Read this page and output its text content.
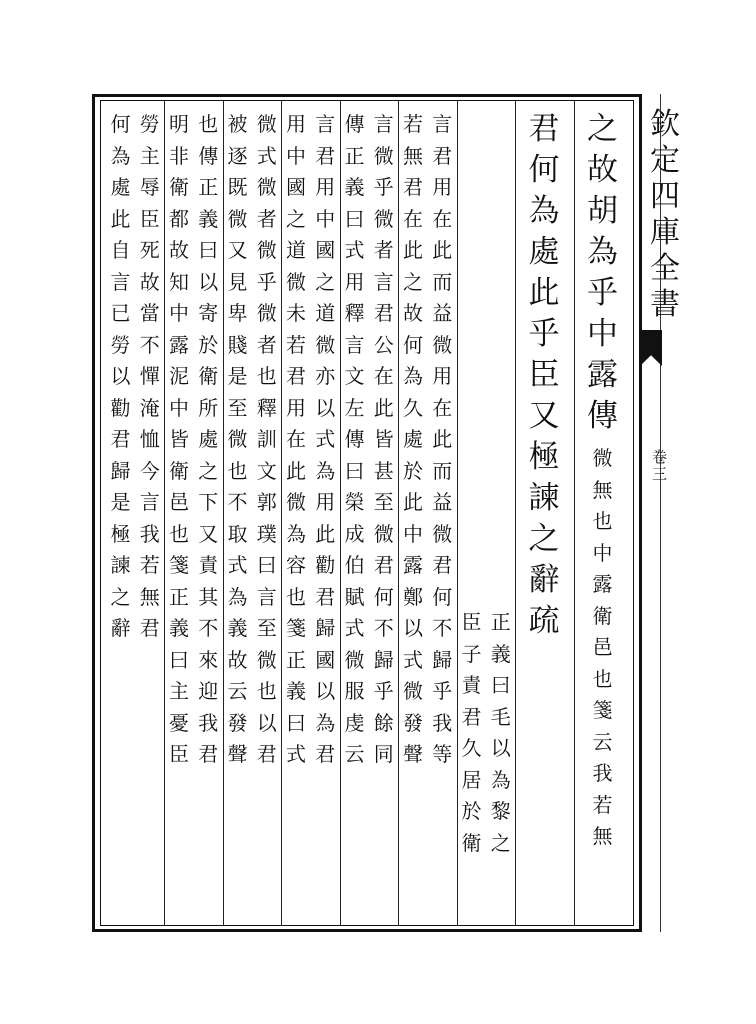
欽
定
四
庫
全
書
卷
三
之
故
胡
為
乎
中
露
傳
微
無
也
中
露
衛
邑
也
箋
云
我
若
無
君
何
為
處
此
乎
臣
又
極
諫
之
辭
疏
正
義
曰
毛
以
為
黎
之
臣
子
責
君
久
居
於
衛
言
君
用
在
此
而
益
微
用
在
此
而
益
微
君
何
不
歸
乎
我
等
若
無
君
在
此
之
故
何
為
久
處
於
此
中
露
鄭
以
式
微
發
聲
言
微
乎
微
者
言
君
公
在
此
皆
甚
至
微
君
何
不
歸
乎
餘
同
傳
正
義
曰
式
用
釋
言
文
左
傳
曰
榮
成
伯
賦
式
微
服
虔
云
言
君
用
中
國
之
道
微
亦
以
式
為
用
此
勸
君
歸
國
以
為
君
用
中
國
之
道
微
未
若
君
用
在
此
微
為
容
也
箋
正
義
曰
式
微
式
微
者
微
乎
微
者
也
釋
訓
文
郭
璞
曰
言
至
微
也
以
君
被
逐
既
微
又
見
卑
賤
是
至
微
也
不
取
式
為
義
故
云
發
聲
也
傳
正
義
曰
以
寄
於
衛
所
處
之
下
又
責
其
不
來
迎
我
君
明
非
衛
都
故
知
中
露
泥
中
皆
衛
邑
也
箋
正
義
曰
主
憂
臣
勞
主
辱
臣
死
故
當
不
憚
淹
恤
今
言
我
若
無
君
何
為
處
此
自
言
已
勞
以
勸
君
歸
是
極
諫
之
辭
